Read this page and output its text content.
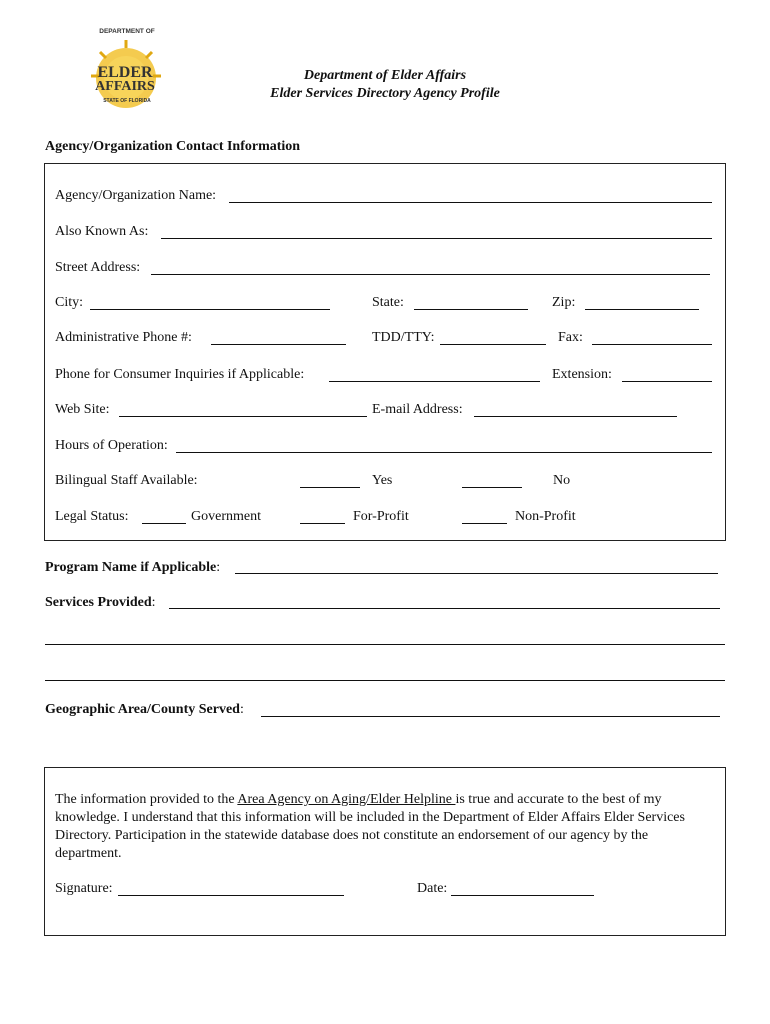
DEPARTMENT OF
ELDER
AFFAIRS
STATE OF FLORIDA
Department of Elder Affairs
Elder Services Directory Agency Profile
Agency/Organization Contact Information
Agency/Organization Name:
Also Known As:
Street Address:
City:	State:	Zip:
Administrative Phone #:	TDD/TTY:	Fax:
Phone for Consumer Inquiries if Applicable:	Extension:
Web Site:	E-mail Address:
Hours of Operation:
Bilingual Staff Available:	Yes	No
Legal Status:	Government	For-Profit	Non-Profit
Program Name if Applicable:
Services Provided:
Geographic Area/County Served:
The information provided to the Area Agency on Aging/Elder Helpline is true and accurate to the best of my knowledge. I understand that this information will be included in the Department of Elder Affairs Elder Services Directory. Participation in the statewide database does not constitute an endorsement of our agency by the department.
Signature:	Date:
